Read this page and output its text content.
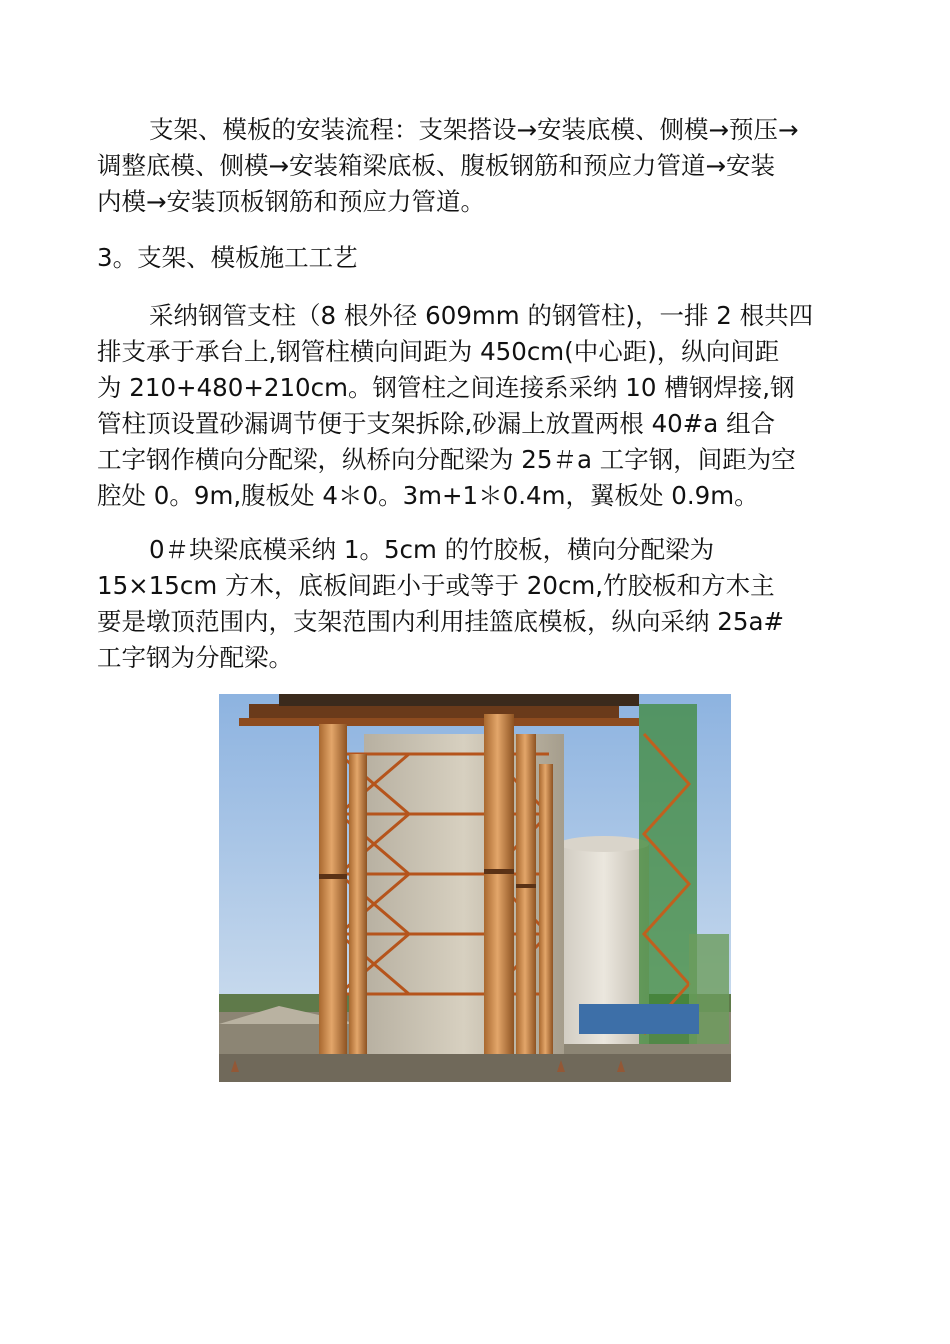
支架、模板的安装流程：支架搭设→安装底模、侧模→预压→
调整底模、侧模→安装箱梁底板、腹板钢筋和预应力管道→安装
内模→安装顶板钢筋和预应力管道。

3。支架、模板施工工艺

采纳钢管支柱（8 根外径 609mm 的钢管柱)，一排 2 根共四
排支承于承台上,钢管柱横向间距为 450cm(中心距)，纵向间距
为 210+480+210cm。钢管柱之间连接系采纳 10 槽钢焊接,钢
管柱顶设置砂漏调节便于支架拆除,砂漏上放置两根 40#a 组合
工字钢作横向分配梁，纵桥向分配梁为 25＃a 工字钢，间距为空
腔处 0。9m,腹板处 4＊0。3m+1＊0.4m，翼板处 0.9m。

0＃块梁底模采纳 1。5cm 的竹胶板，横向分配梁为
15×15cm 方木，底板间距小于或等于 20cm,竹胶板和方木主
要是墩顶范围内，支架范围内利用挂篮底模板，纵向采纳 25a#
工字钢为分配梁。
